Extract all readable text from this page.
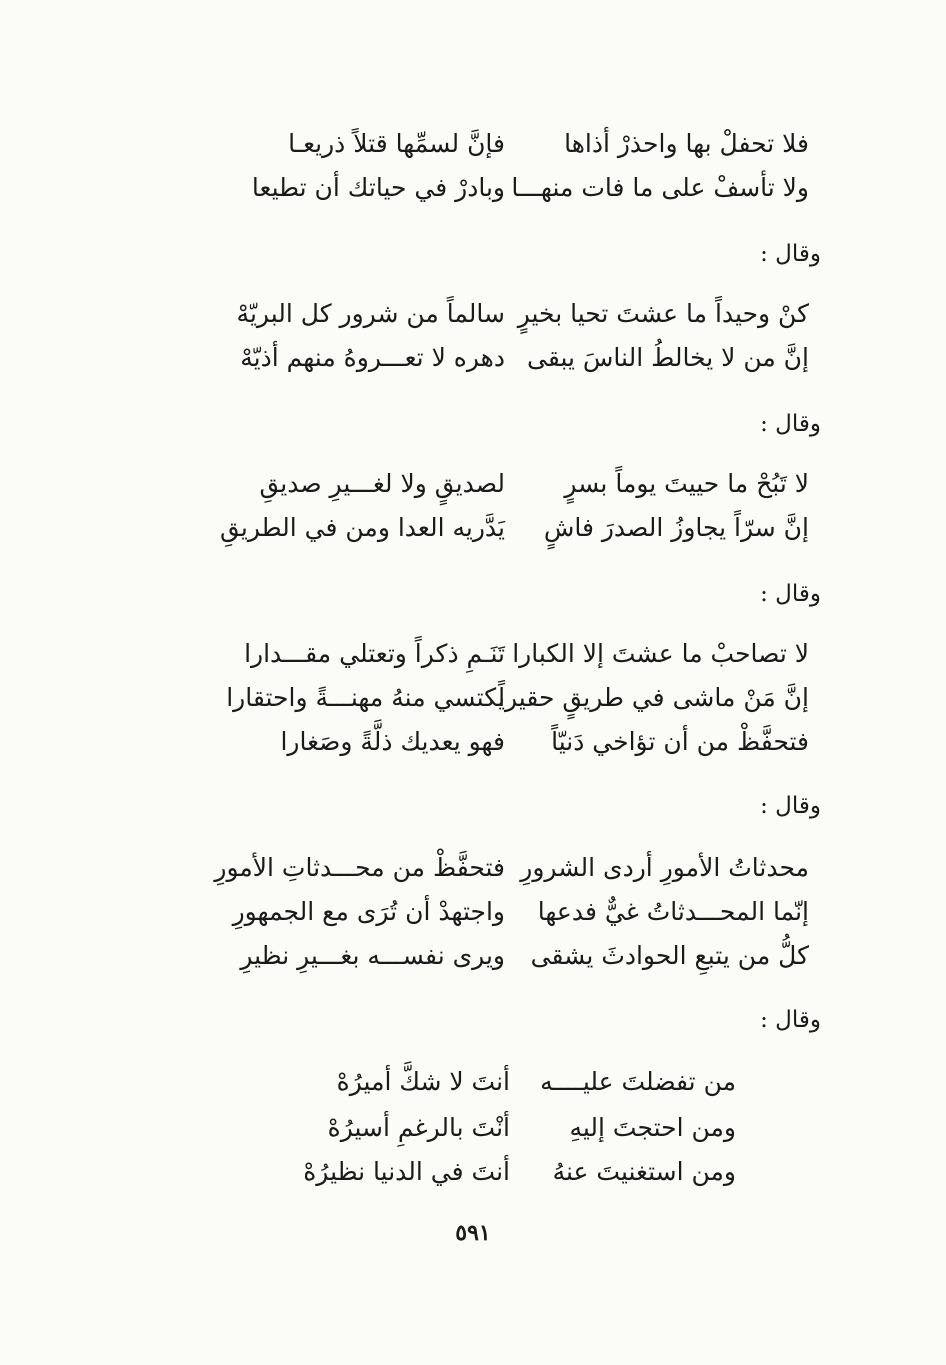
فلا تحفلْ بها واحذرْ أذاها
فإنَّ لسمِّها قتلاً ذريعـا
ولا تأسفْ على ما فات منهـــا
وبادرْ في حياتك أن تطيعا
وقال :
كنْ وحيداً ما عشتَ تحيا بخيرٍ
سالماً من شرور كل البريّهْ
إنَّ من لا يخالطُ الناسَ يبقى
دهره لا تعـــروهُ منهم أذيّهْ
وقال :
لا تَبُحْ ما حييتَ يوماً بسرٍ
لصديقٍ ولا لغـــيرِ صديقِ
إنَّ سرّاً يجاوزُ الصدرَ فاشٍ
يَدَّريه العدا ومن في الطريقِ
وقال :
لا تصاحبْ ما عشتَ إلا الكبارا
تَنَـمِ ذكراً وتعتلي مقـــدارا
إنَّ مَنْ ماشى في طريقٍ حقيراً
يكتسي منهُ مهنـــةً واحتقارا
فتحفَّظْ من أن تؤاخي دَنيّاً
فهو يعديك ذلَّةً وصَغارا
وقال :
محدثاتُ الأمورِ أردى الشرورِ
فتحفَّظْ من محـــدثاتِ الأمورِ
إنّما المحـــدثاتُ غيٌّ فدعها
واجتهدْ أن تُرَى مع الجمهورِ
كلُّ من يتبعِ الحوادثَ يشقى
ويرى نفســـه بغـــيرِ نظيرِ
وقال :
من تفضلتَ عليــــه
أنتَ لا شكَّ أميرُهْ
ومن احتجتَ إليهِ
أنْتَ بالرغمِ أسيرُهْ
ومن استغنيتَ عنهُ
أنتَ في الدنيا نظيرُهْ
٥٩١
